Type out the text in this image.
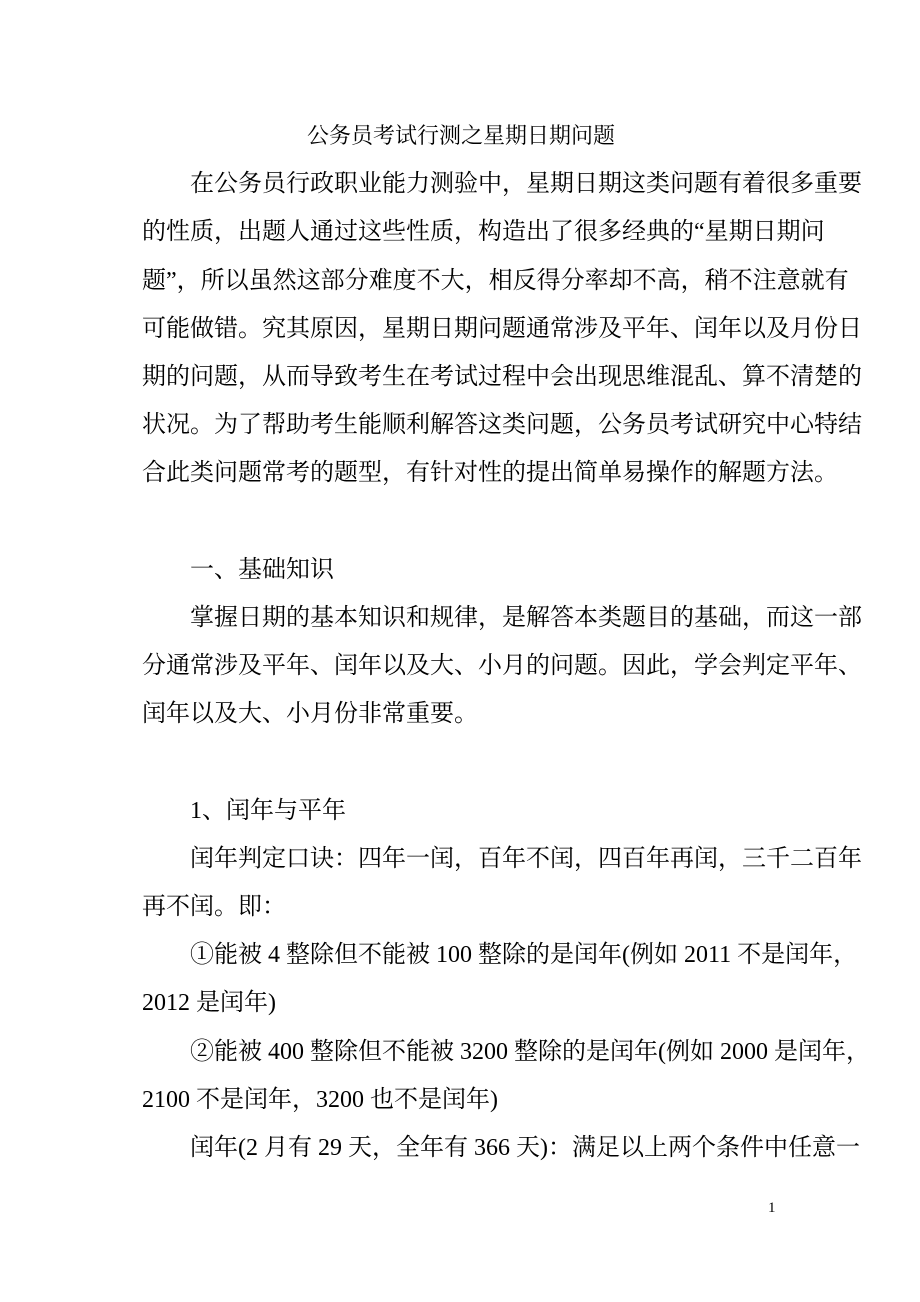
公务员考试行测之星期日期问题
在公务员行政职业能力测验中，星期日期这类问题有着很多重要
的性质，出题人通过这些性质，构造出了很多经典的“星期日期问
题”，所以虽然这部分难度不大，相反得分率却不高，稍不注意就有
可能做错。究其原因，星期日期问题通常涉及平年、闰年以及月份日
期的问题，从而导致考生在考试过程中会出现思维混乱、算不清楚的
状况。为了帮助考生能顺利解答这类问题，公务员考试研究中心特结
合此类问题常考的题型，有针对性的提出简单易操作的解题方法。
一、基础知识
掌握日期的基本知识和规律，是解答本类题目的基础，而这一部
分通常涉及平年、闰年以及大、小月的问题。因此，学会判定平年、
闰年以及大、小月份非常重要。
1、闰年与平年
闰年判定口诀：四年一闰，百年不闰，四百年再闰，三千二百年
再不闰。即：
①能被 4 整除但不能被 100 整除的是闰年(例如 2011 不是闰年，
2012 是闰年)
②能被 400 整除但不能被 3200 整除的是闰年(例如 2000 是闰年，
2100 不是闰年，3200 也不是闰年)
闰年(2 月有 29 天，全年有 366 天)：满足以上两个条件中任意一
1
